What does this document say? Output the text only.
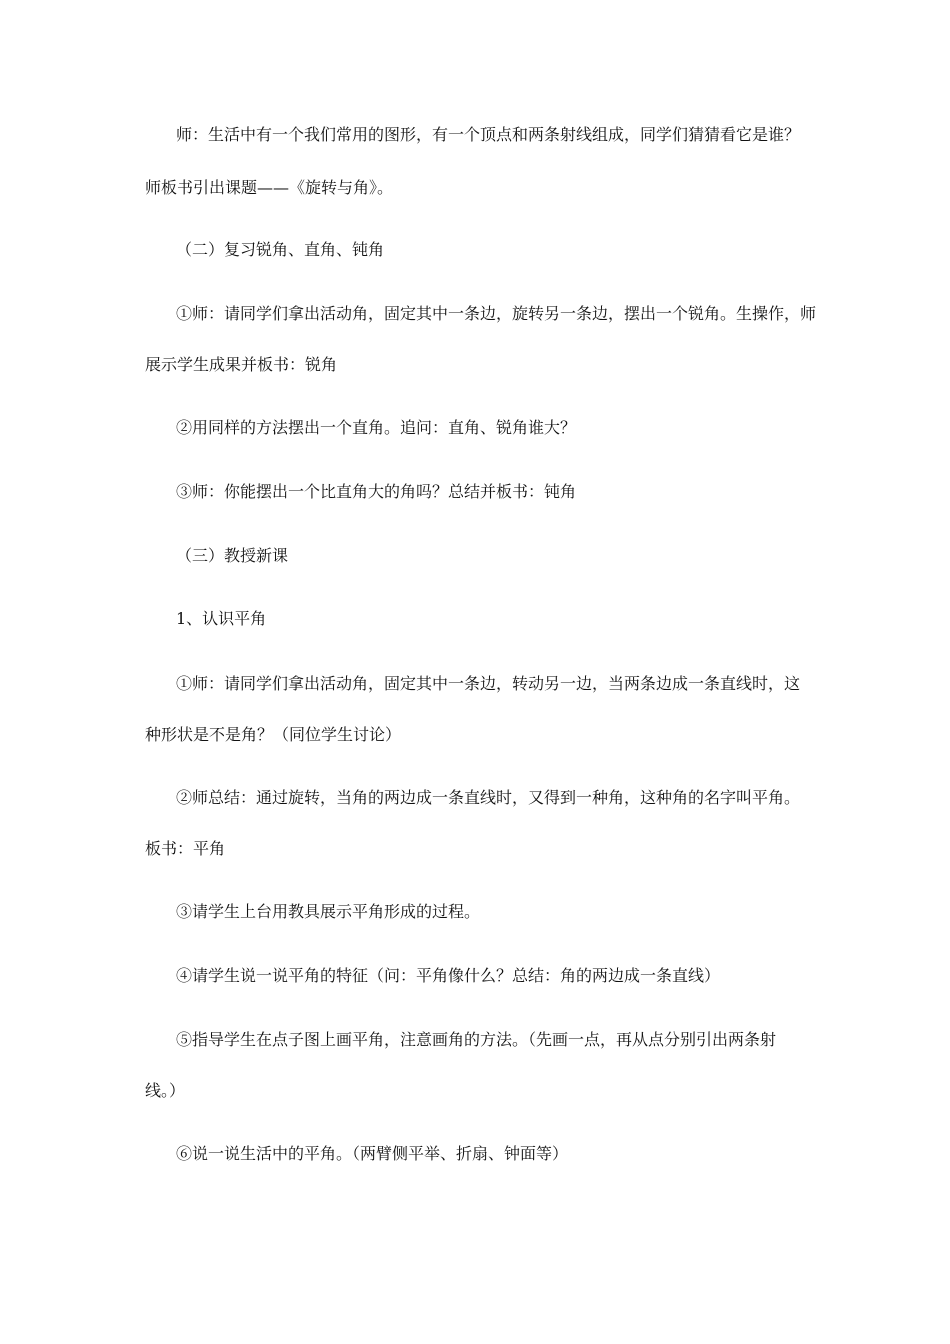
师：生活中有一个我们常用的图形，有一个顶点和两条射线组成，同学们猜猜看它是谁？
师板书引出课题——《旋转与角》。
（二）复习锐角、直角、钝角
①师：请同学们拿出活动角，固定其中一条边，旋转另一条边，摆出一个锐角。生操作，师
展示学生成果并板书：锐角
②用同样的方法摆出一个直角。追问：直角、锐角谁大？
③师：你能摆出一个比直角大的角吗？总结并板书：钝角
（三）教授新课
1、认识平角
①师：请同学们拿出活动角，固定其中一条边，转动另一边，当两条边成一条直线时，这
种形状是不是角？（同位学生讨论）
②师总结：通过旋转，当角的两边成一条直线时，又得到一种角，这种角的名字叫平角。
板书：平角
③请学生上台用教具展示平角形成的过程。
④请学生说一说平角的特征（问：平角像什么？总结：角的两边成一条直线）
⑤指导学生在点子图上画平角，注意画角的方法。（先画一点，再从点分别引出两条射
线。）
⑥说一说生活中的平角。（两臂侧平举、折扇、钟面等）
